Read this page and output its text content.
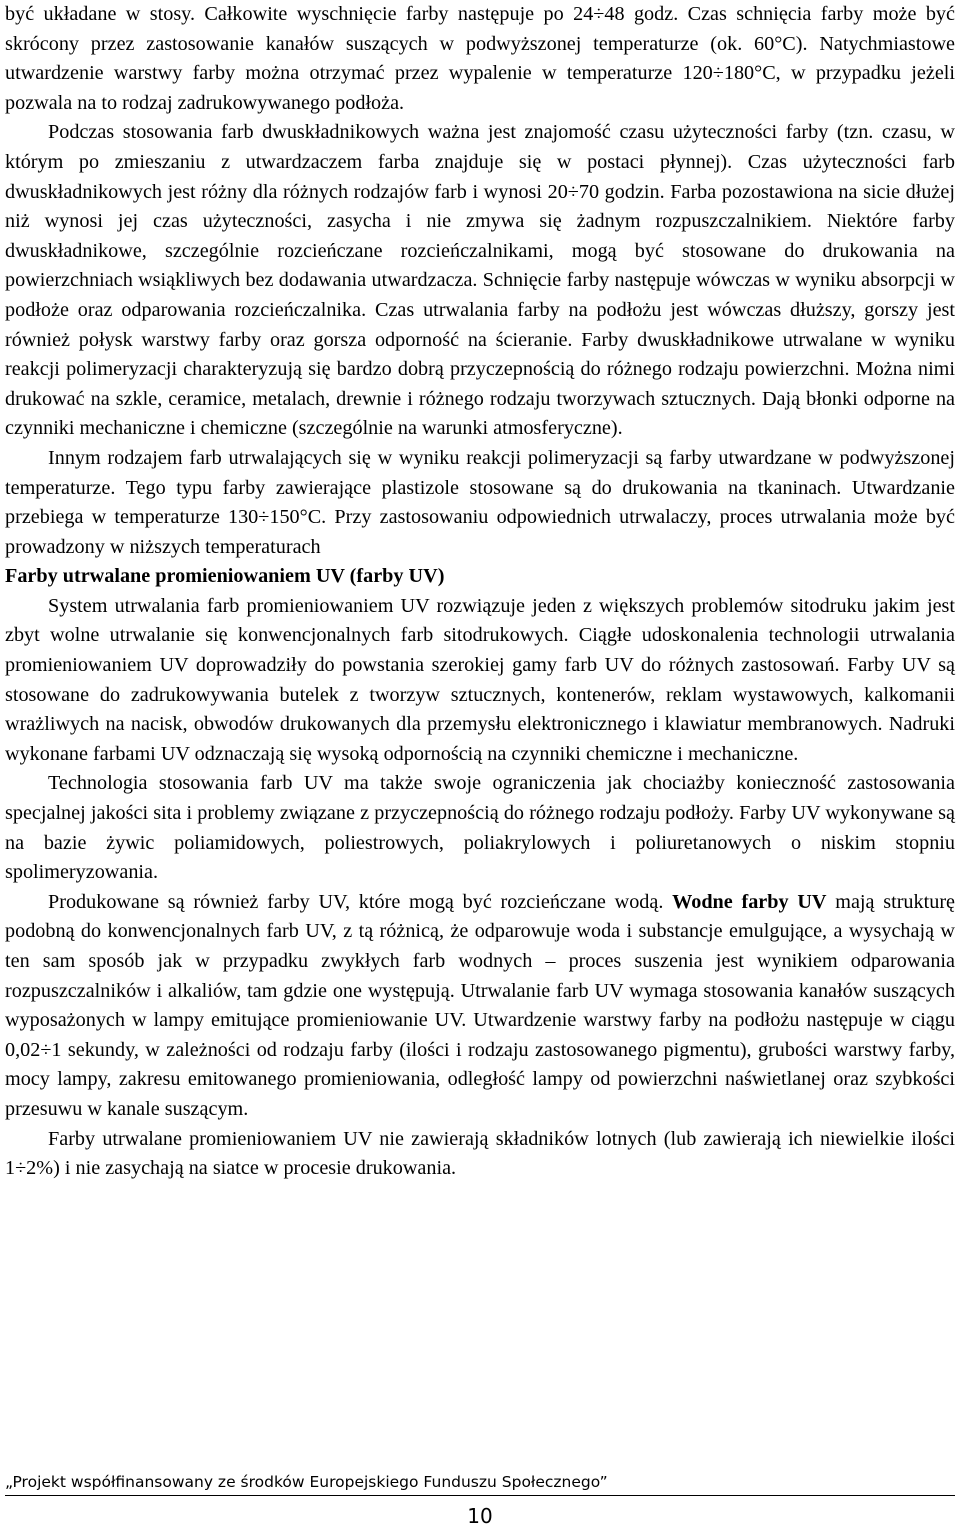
być układane w stosy. Całkowite wyschnięcie farby następuje po 24÷48 godz. Czas schnięcia farby może być skrócony przez zastosowanie kanałów suszących w podwyższonej temperaturze (ok. 60°C). Natychmiastowe utwardzenie warstwy farby można otrzymać przez wypalenie w temperaturze 120÷180°C, w przypadku jeżeli pozwala na to rodzaj zadrukowywanego podłoża.

Podczas stosowania farb dwuskładnikowych ważna jest znajomość czasu użyteczności farby (tzn. czasu, w którym po zmieszaniu z utwardzaczem farba znajduje się w postaci płynnej). Czas użyteczności farb dwuskładnikowych jest różny dla różnych rodzajów farb i wynosi 20÷70 godzin. Farba pozostawiona na sicie dłużej niż wynosi jej czas użyteczności, zasycha i nie zmywa się żadnym rozpuszczalnikiem. Niektóre farby dwuskładnikowe, szczególnie rozcieńczane rozcieńczalnikami, mogą być stosowane do drukowania na powierzchniach wsiąkliwych bez dodawania utwardzacza. Schnięcie farby następuje wówczas w wyniku absorpcji w podłoże oraz odparowania rozcieńczalnika. Czas utrwalania farby na podłożu jest wówczas dłuższy, gorszy jest również połysk warstwy farby oraz gorsza odporność na ścieranie. Farby dwuskładnikowe utrwalane w wyniku reakcji polimeryzacji charakteryzują się bardzo dobrą przyczepnością do różnego rodzaju powierzchni. Można nimi drukować na szkle, ceramice, metalach, drewnie i różnego rodzaju tworzywach sztucznych. Dają błonki odporne na czynniki mechaniczne i chemiczne (szczególnie na warunki atmosferyczne).

Innym rodzajem farb utrwalających się w wyniku reakcji polimeryzacji są farby utwardzane w podwyższonej temperaturze. Tego typu farby zawierające plastizole stosowane są do drukowania na tkaninach. Utwardzanie przebiega w temperaturze 130÷150°C. Przy zastosowaniu odpowiednich utrwalaczy, proces utrwalania może być prowadzony w niższych temperaturach

Farby utrwalane promieniowaniem UV (farby UV)

System utrwalania farb promieniowaniem UV rozwiązuje jeden z większych problemów sitodruku jakim jest zbyt wolne utrwalanie się konwencjonalnych farb sitodrukowych. Ciągłe udoskonalenia technologii utrwalania promieniowaniem UV doprowadziły do powstania szerokiej gamy farb UV do różnych zastosowań. Farby UV są stosowane do zadrukowywania butelek z tworzyw sztucznych, kontenerów, reklam wystawowych, kalkomanii wrażliwych na nacisk, obwodów drukowanych dla przemysłu elektronicznego i klawiatur membranowych. Nadruki wykonane farbami UV odznaczają się wysoką odpornością na czynniki chemiczne i mechaniczne.

Technologia stosowania farb UV ma także swoje ograniczenia jak chociażby konieczność zastosowania specjalnej jakości sita i problemy związane z przyczepnością do różnego rodzaju podłoży. Farby UV wykonywane są na bazie żywic poliamidowych, poliestrowych, poliakrylowych i poliuretanowych o niskim stopniu spolimeryzowania.

Produkowane są również farby UV, które mogą być rozcieńczane wodą. Wodne farby UV mają strukturę podobną do konwencjonalnych farb UV, z tą różnicą, że odparowuje woda i substancje emulgujące, a wysychają w ten sam sposób jak w przypadku zwykłych farb wodnych – proces suszenia jest wynikiem odparowania rozpuszczalników i alkaliów, tam gdzie one występują. Utrwalanie farb UV wymaga stosowania kanałów suszących wyposażonych w lampy emitujące promieniowanie UV. Utwardzenie warstwy farby na podłożu następuje w ciągu 0,02÷1 sekundy, w zależności od rodzaju farby (ilości i rodzaju zastosowanego pigmentu), grubości warstwy farby, mocy lampy, zakresu emitowanego promieniowania, odległość lampy od powierzchni naświetlanej oraz szybkości przesuwu w kanale suszącym.

Farby utrwalane promieniowaniem UV nie zawierają składników lotnych (lub zawierają ich niewielkie ilości 1÷2%) i nie zasychają na siatce w procesie drukowania.

„Projekt współfinansowany ze środków Europejskiego Funduszu Społecznego”
10
